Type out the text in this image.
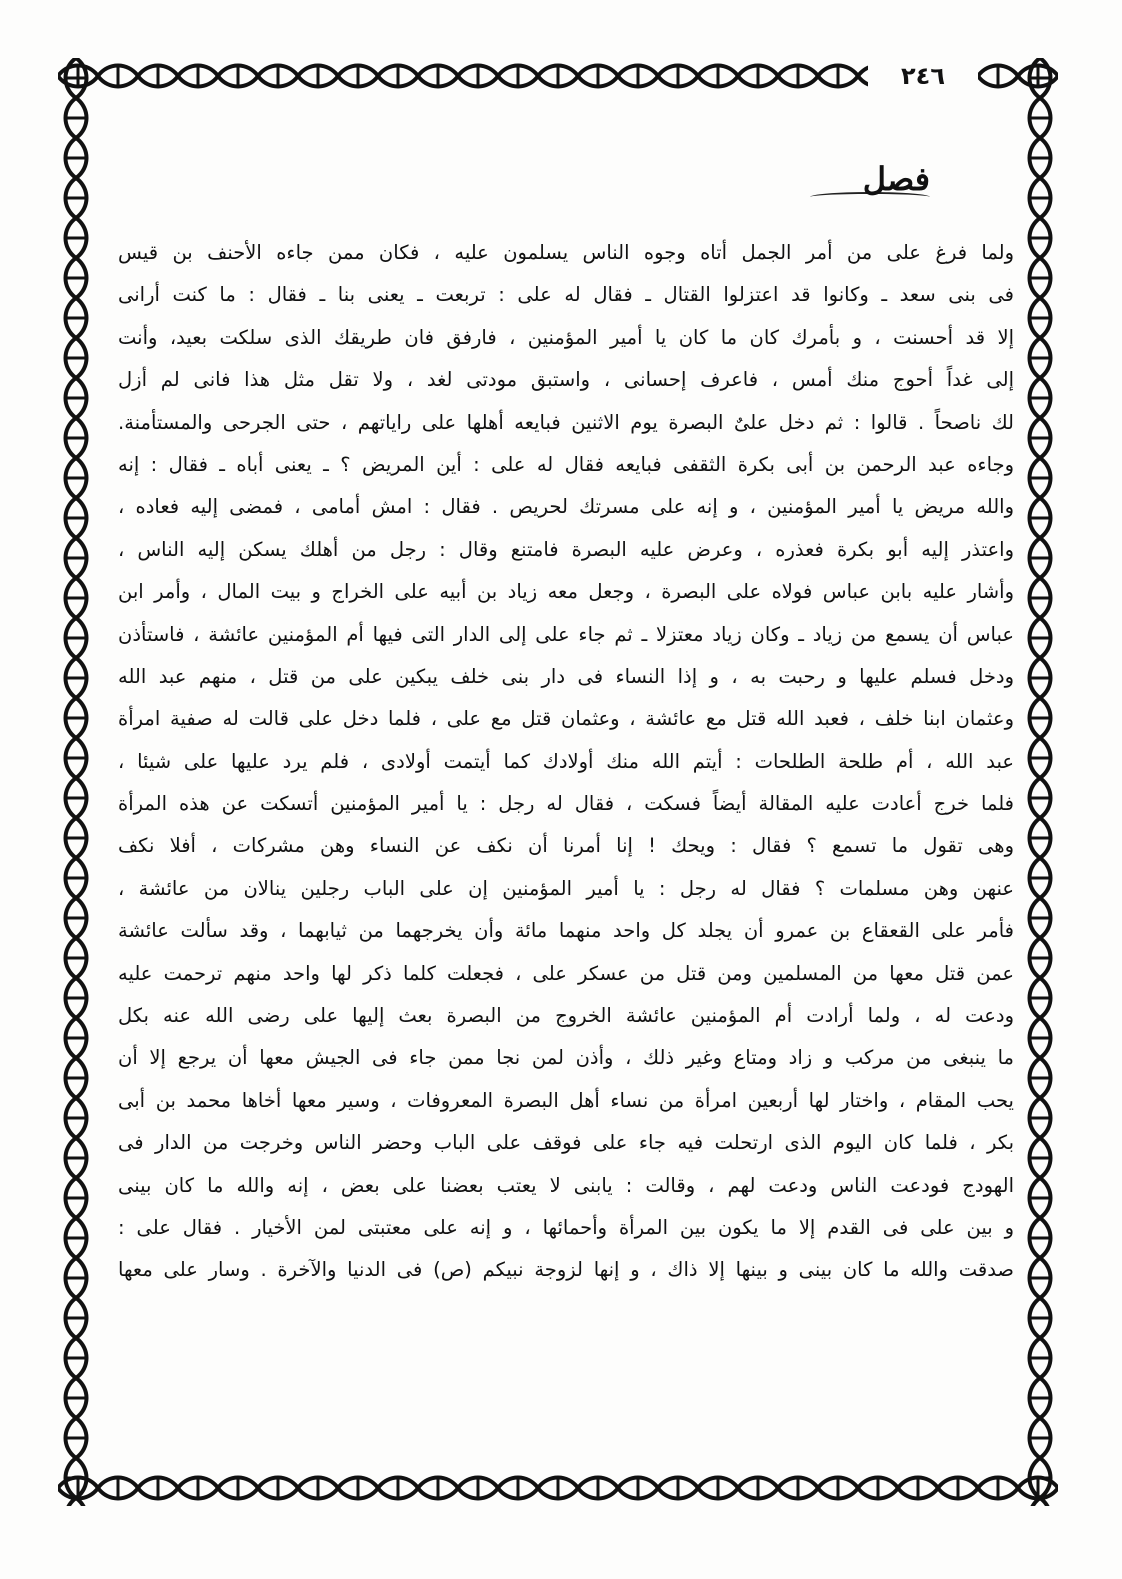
٢٤٦
فصل
ولما فرغ على من أمر الجمل أتاه وجوه الناس يسلمون عليه ، فكان ممن جاءه الأحنف بن قيس
فى بنى سعد ـ وكانوا قد اعتزلوا القتال ـ فقال له على : تربعت ـ يعنى بنا ـ فقال : ما كنت أرانى
إلا قد أحسنت ، و بأمرك كان ما كان يا أمير المؤمنين ، فارفق فان طريقك الذى سلكت بعيد، وأنت
إلى غداً أحوج منك أمس ، فاعرف إحسانى ، واستبق مودتى لغد ، ولا تقل مثل هذا فانى لم أزل
لك ناصحاً . قالوا : ثم دخل علىٌ البصرة يوم الاثنين فبايعه أهلها على راياتهم ، حتى الجرحى والمستأمنة.
وجاءه عبد الرحمن بن أبى بكرة الثقفى فبايعه فقال له على : أين المريض ؟ ـ يعنى أباه ـ فقال : إنه
والله مريض يا أمير المؤمنين ، و إنه على مسرتك لحريص . فقال : امش أمامى ، فمضى إليه فعاده ،
واعتذر إليه أبو بكرة فعذره ، وعرض عليه البصرة فامتنع وقال : رجل من أهلك يسكن إليه الناس ،
وأشار عليه بابن عباس فولاه على البصرة ، وجعل معه زياد بن أبيه على الخراج و بيت المال ، وأمر ابن
عباس أن يسمع من زياد ـ وكان زياد معتزلا ـ ثم جاء على إلى الدار التى فيها أم المؤمنين عائشة ، فاستأذن
ودخل فسلم عليها و رحبت به ، و إذا النساء فى دار بنى خلف يبكين على من قتل ، منهم عبد الله
وعثمان ابنا خلف ، فعبد الله قتل مع عائشة ، وعثمان قتل مع على ، فلما دخل على قالت له صفية امرأة
عبد الله ، أم طلحة الطلحات : أيتم الله منك أولادك كما أيتمت أولادى ، فلم يرد عليها على شيئا ،
فلما خرج أعادت عليه المقالة أيضاً فسكت ، فقال له رجل : يا أمير المؤمنين أتسكت عن هذه المرأة
وهى تقول ما تسمع ؟ فقال : ويحك ! إنا أمرنا أن نكف عن النساء وهن مشركات ، أفلا نكف
عنهن وهن مسلمات ؟ فقال له رجل : يا أمير المؤمنين إن على الباب رجلين ينالان من عائشة ،
فأمر على القعقاع بن عمرو أن يجلد كل واحد منهما مائة وأن يخرجهما من ثيابهما ، وقد سألت عائشة
عمن قتل معها من المسلمين ومن قتل من عسكر على ، فجعلت كلما ذكر لها واحد منهم ترحمت عليه
ودعت له ، ولما أرادت أم المؤمنين عائشة الخروج من البصرة بعث إليها على رضى الله عنه بكل
ما ينبغى من مركب و زاد ومتاع وغير ذلك ، وأذن لمن نجا ممن جاء فى الجيش معها أن يرجع إلا أن
يحب المقام ، واختار لها أربعين امرأة من نساء أهل البصرة المعروفات ، وسير معها أخاها محمد بن أبى
بكر ، فلما كان اليوم الذى ارتحلت فيه جاء على فوقف على الباب وحضر الناس وخرجت من الدار فى
الهودج فودعت الناس ودعت لهم ، وقالت : يابنى لا يعتب بعضنا على بعض ، إنه والله ما كان بينى
و بين على فى القدم إلا ما يكون بين المرأة وأحمائها ، و إنه على معتبتى لمن الأخيار . فقال على :
صدقت والله ما كان بينى و بينها إلا ذاك ، و إنها لزوجة نبيكم (ص) فى الدنيا والآخرة . وسار على معها
